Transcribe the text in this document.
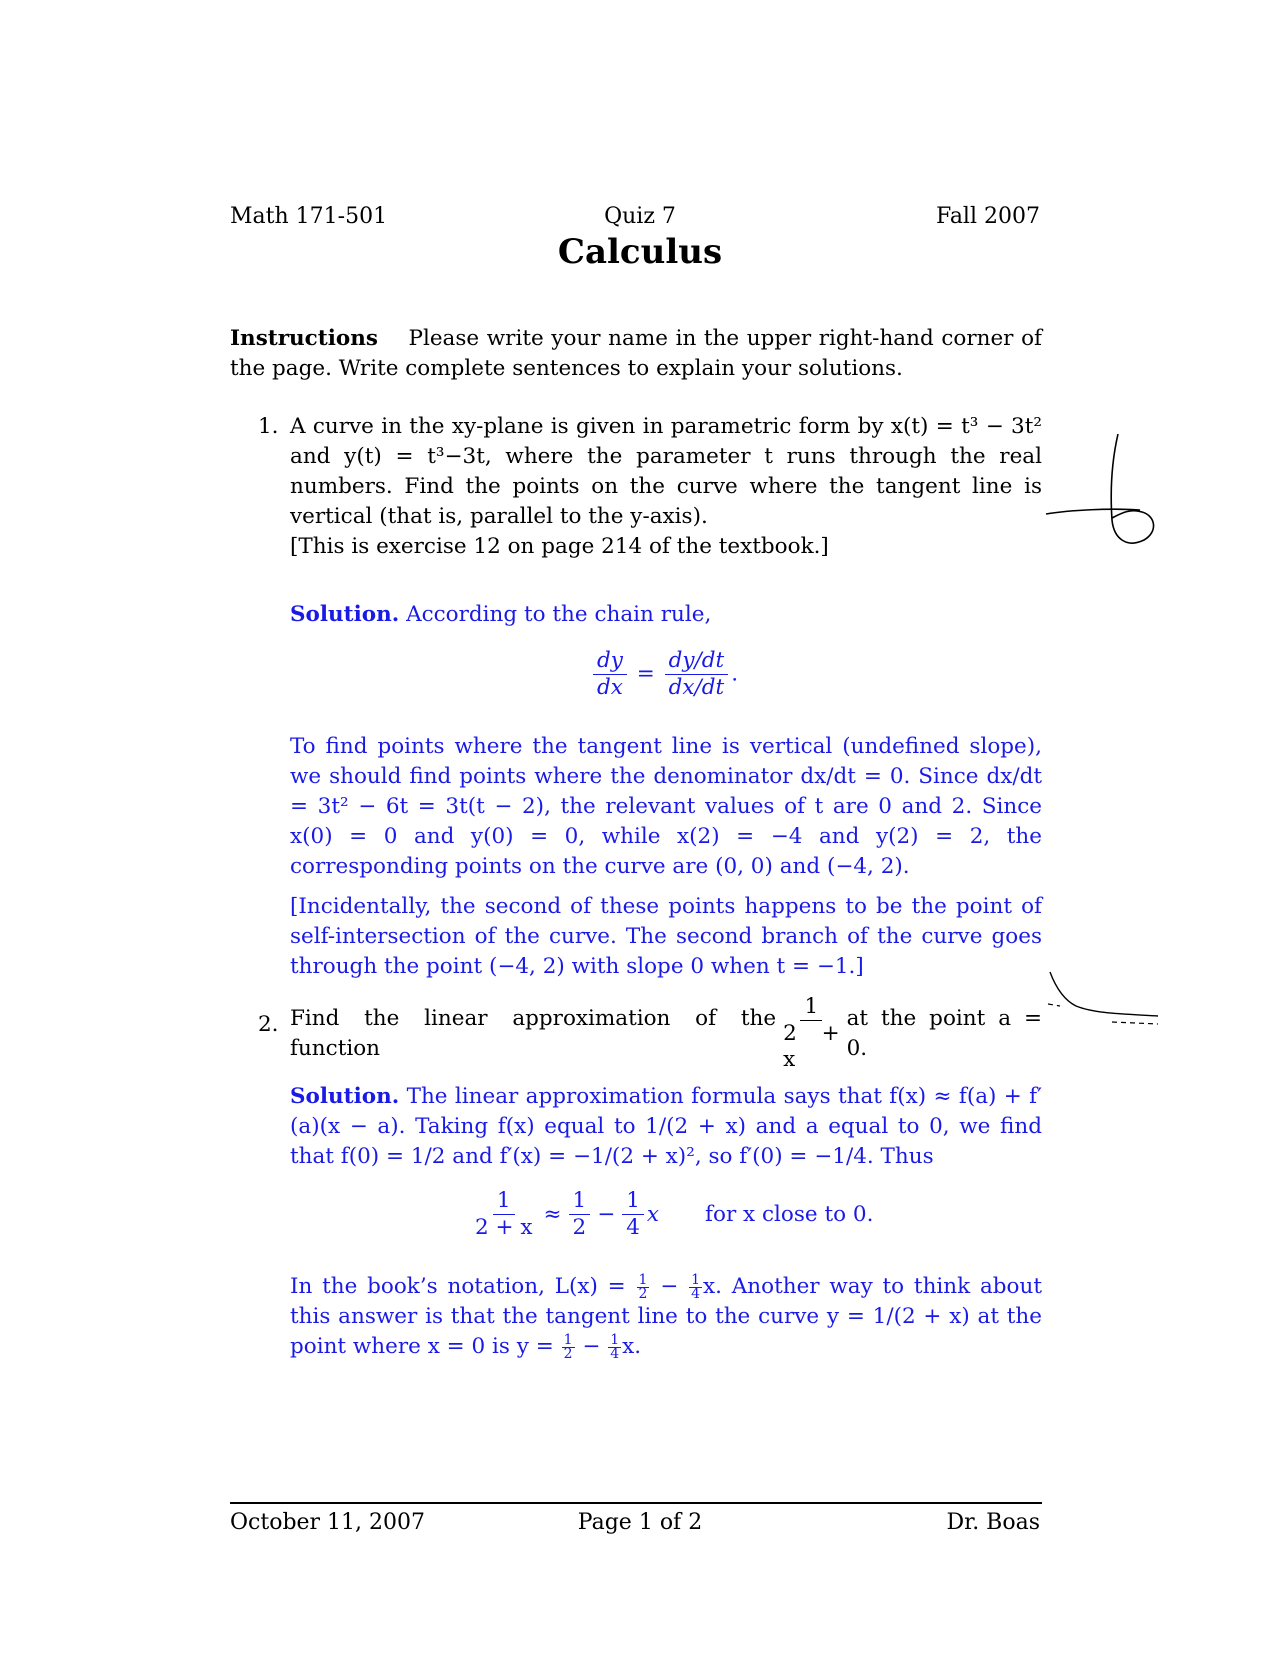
Math 171-501	Quiz 7	Fall 2007
Calculus
Instructions Please write your name in the upper right-hand corner of the page. Write complete sentences to explain your solutions.
1. A curve in the xy-plane is given in parametric form by x(t) = t³ − 3t² and y(t) = t³−3t, where the parameter t runs through the real numbers. Find the points on the curve where the tangent line is vertical (that is, parallel to the y-axis).
[This is exercise 12 on page 214 of the textbook.]
Solution. According to the chain rule,
$\frac{dy}{dx} = \frac{dy/dt}{dx/dt}$ .
To find points where the tangent line is vertical (undefined slope), we should find points where the denominator dx/dt = 0. Since dx/dt = 3t² − 6t = 3t(t − 2), the relevant values of t are 0 and 2. Since x(0) = 0 and y(0) = 0, while x(2) = −4 and y(2) = 2, the corresponding points on the curve are (0, 0) and (−4, 2).
[Incidentally, the second of these points happens to be the point of self-intersection of the curve. The second branch of the curve goes through the point (−4, 2) with slope 0 when t = −1.]
2. Find the linear approximation of the function	$\frac{1}{2 + x}$ at the point a = 0.
Solution. The linear approximation formula says that f(x) ≈ f(a) + f′(a)(x − a). Taking f(x) equal to 1/(2 + x) and a equal to 0, we find that f(0) = 1/2 and f′(x) = −1/(2 + x)², so f′(0) = −1/4. Thus
$\frac{1}{2 + x} \approx \frac{1}{2} - \frac{1}{4}$ x for x close to 0.
In the book’s notation, $L(x) = \frac{1}{2} - \frac{1}{4} x$. Another way to think about this answer is that the tangent line to the curve y = 1/(2 + x) at the point where x = 0 is $y = \frac{1}{2} - \frac{1}{4} x$.
October 11, 2007	Page 1 of 2	Dr. Boas
